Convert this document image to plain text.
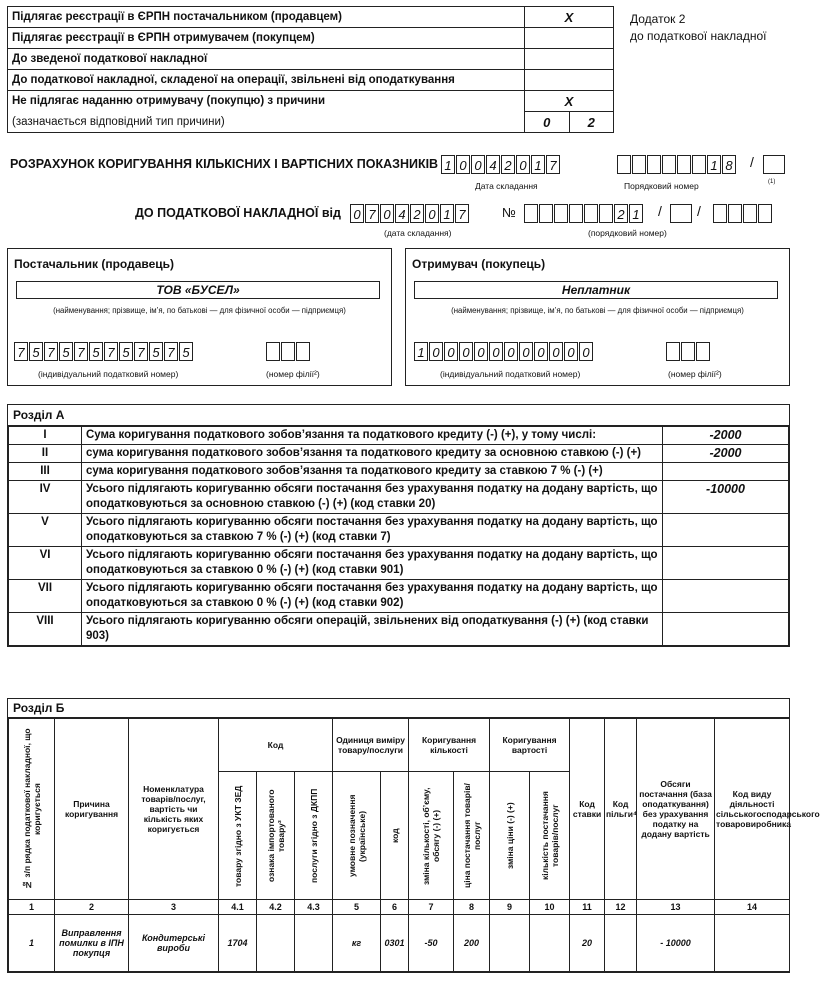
Підлягає реєстрації в ЄРПН постачальником (продавцем)	X	
Підлягає реєстрації в ЄРПН отримувачем (покупцем)		
До зведеної податкової накладної		
До податкової накладної, складеної на операції, звільнені від оподаткування		
Не підлягає наданню отримувачу (покупцю) з причини	X	
(зазначається відповідний тип причини)	0	2
Додаток 2
до податкової накладної
РОЗРАХУНОК КОРИГУВАННЯ КІЛЬКІСНИХ І ВАРТІСНИХ ПОКАЗНИКІВ 1 0 0 4 2 0 1 7
Дата складання
1 8	/
Порядковий номер	(1)
ДО ПОДАТКОВОЇ НАКЛАДНОЇ від 0 7 0 4 2 0 1 7	№	2 1	/	/
(дата складання)	(порядковий номер)
Постачальник (продавець)
ТОВ «БУСЕЛ»
(найменування; прізвище, ім’я, по батькові — для фізичної особи — підприємця)
7 5 7 5 7 5 7 5 7 5 7 5
(індивідуальний податковий номер)	(номер філії²)
Отримувач (покупець)
Неплатник
(найменування; прізвище, ім’я, по батькові — для фізичної особи — підприємця)
1 0 0 0 0 0 0 0 0 0 0 0
(індивідуальний податковий номер)	(номер філії²)
Розділ А
I	Сума коригування податкового зобов’язання та податкового кредиту (-) (+), у тому числі:	-2000
II	сума коригування податкового зобов’язання та податкового кредиту за основною ставкою (-) (+)	-2000
III	сума коригування податкового зобов’язання та податкового кредиту за ставкою 7 % (-) (+)	
IV	Усього підлягають коригуванню обсяги постачання без урахування податку на додану вартість, що оподатковуються за основною ставкою (-) (+) (код ставки 20)	-10000
V	Усього підлягають коригуванню обсяги постачання без урахування податку на додану вартість, що оподатковуються за ставкою 7 % (-) (+) (код ставки 7)	
VI	Усього підлягають коригуванню обсяги постачання без урахування податку на додану вартість, що оподатковуються за ставкою 0 % (-) (+) (код ставки 901)	
VII	Усього підлягають коригуванню обсяги постачання без урахування податку на додану вартість, що оподатковуються за ставкою 0 % (-) (+) (код ставки 902)	
VIII	Усього підлягають коригуванню обсяги операцій, звільнених від оподаткування (-) (+) (код ставки 903)	
Розділ Б
№ з/п рядка податкової накладної, що коригується	Причина коригування	Номенклатура товарів/послуг, вартість чи кількість яких коригується	Код			Одиниця виміру товару/послуги		Коригування кількості		Коригування вартості		Код ставки	Код пільги⁴	Обсяги постачання (база оподаткування) без урахування податку на додану вартість	Код виду діяльності сільськогосподарського товаровиробника

			товару згідно з УКТ ЗЕД	ознака імпортованого товару³	послуги згідно з ДКПП	умовне позначення (українське)	код	зміна кількості, об’єму, обсягу (-) (+)	ціна постачання товарів/послуг	зміна ціни (-) (+)	кількість постачання товарів/послуг				

1	2	3	4.1	4.2	4.3	5	6	7	8	9	10	11	12	13	14
1	Виправлення помилки в ІПН покупця	Кондитерські вироби	1704			кг	0301	-50	200			20		- 10000	
